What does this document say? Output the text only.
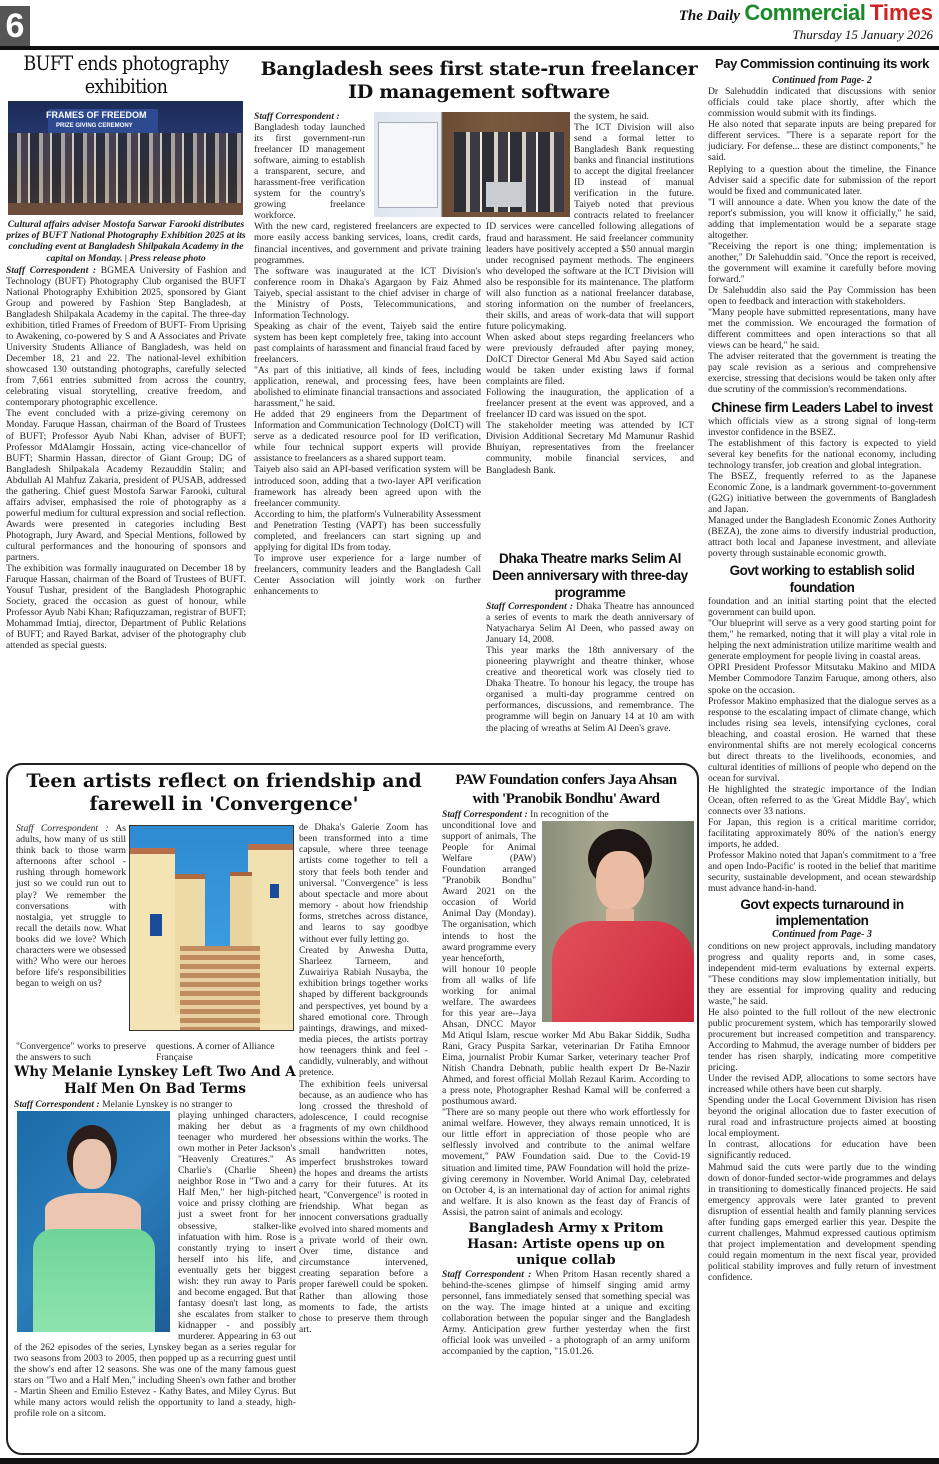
6	The Daily Commercial Times
Thursday 15 January 2026
BUFT ends photography exhibition
FRAMES OF FREEDOM
PRIZE GIVING CEREMONY
Cultural affairs adviser Mostofa Sarwar Farooki distributes prizes of BUFT National Photography Exhibition 2025 at its concluding event at Bangladesh Shilpakala Academy in the capital on Monday. | Press release photo

Staff Correspondent : BGMEA University of Fashion and Technology (BUFT) Photography Club organised the BUFT National Photography Exhibition 2025, sponsored by Giant Group and powered by Fashion Step Bangladesh, at Bangladesh Shilpakala Academy in the capital. The three-day exhibition, titled Frames of Freedom of BUFT- From Uprising to Awakening, co-powered by S and A Associates and Private University Students Alliance of Bangladesh, was held on December 18, 21 and 22. The national-level exhibition showcased 130 outstanding photographs, carefully selected from 7,661 entries submitted from across the country, celebrating visual storytelling, creative freedom, and contemporary photographic excellence.

The event concluded with a prize-giving ceremony on Monday. Faruque Hassan, chairman of the Board of Trustees of BUFT; Professor Ayub Nabi Khan, adviser of BUFT; Professor MdAlamgir Hossain, acting vice-chancellor of BUFT; Sharmin Hassan, director of Giant Group; DG of Bangladesh Shilpakala Academy Rezauddin Stalin; and Abdullah Al Mahfuz Zakaria, president of PUSAB, addressed the gathering. Chief guest Mostofa Sarwar Farooki, cultural affairs adviser, emphasised the role of photography as a powerful medium for cultural expression and social reflection.

Awards were presented in categories including Best Photograph, Jury Award, and Special Mentions, followed by cultural performances and the honouring of sponsors and partners.

The exhibition was formally inaugurated on December 18 by Faruque Hassan, chairman of the Board of Trustees of BUFT. Yousuf Tushar, president of the Bangladesh Photographic Society, graced the occasion as guest of honour, while Professor Ayub Nabi Khan; Rafiquzzaman, registrar of BUFT; Mohammad Imtiaj, director, Department of Public Relations of BUFT; and Rayed Barkat, adviser of the photography club attended as special guests.

Bangladesh sees first state-run freelancer ID management software

Staff Correspondent :

Bangladesh today launched its first government-run freelancer ID management software, aiming to establish a transparent, secure, and harassment-free verification system for the country's growing freelance workforce.

With the new card, registered freelancers are expected to more easily access banking services, loans, credit cards, financial incentives, and government and private training programmes.

The software was inaugurated at the ICT Division's conference room in Dhaka's Agargaon by Faiz Ahmed Taiyeb, special assistant to the chief adviser in charge of the Ministry of Posts, Telecommunications, and Information Technology.

Speaking as chair of the event, Taiyeb said the entire system has been kept completely free, taking into account past complaints of harassment and financial fraud faced by freelancers.

"As part of this initiative, all kinds of fees, including application, renewal, and processing fees, have been abolished to eliminate financial transactions and associated harassment," he said.

He added that 29 engineers from the Department of Information and Communication Technology (DoICT) will serve as a dedicated resource pool for ID verification, while four technical support experts will provide assistance to freelancers as a shared support team.

Taiyeb also said an API-based verification system will be introduced soon, adding that a two-layer API verification framework has already been agreed upon with the freelancer community.

According to him, the platform's Vulnerability Assessment and Penetration Testing (VAPT) has been successfully completed, and freelancers can start signing up and applying for digital IDs from today.

To improve user experience for a large number of freelancers, community leaders and the Bangladesh Call Center Association will jointly work on further enhancements to

the system, he said.

The ICT Division will also send a formal letter to Bangladesh Bank requesting banks and financial institutions to accept the digital freelancer ID instead of manual verification in the future. Taiyeb noted that previous contracts related to freelancer ID services were cancelled following allegations of fraud and harassment. He said freelancer community leaders have positively accepted a $50 annual margin under recognised payment methods. The engineers who developed the software at the ICT Division will also be responsible for its maintenance. The platform will also function as a national freelancer database, storing information on the number of freelancers, their skills, and areas of work-data that will support future policymaking.

When asked about steps regarding freelancers who were previously defrauded after paying money, DoICT Director General Md Abu Sayed said action would be taken under existing laws if formal complaints are filed.

Following the inauguration, the application of a freelancer present at the event was approved, and a freelancer ID card was issued on the spot.

The stakeholder meeting was attended by ICT Division Additional Secretary Md Mamunur Rashid Bhuiyan, representatives from the freelancer community, mobile financial services, and Bangladesh Bank.

Dhaka Theatre marks Selim Al Deen anniversary with three-day programme

Staff Correspondent : Dhaka Theatre has announced a series of events to mark the death anniversary of Natyacharya Selim Al Deen, who passed away on January 14, 2008.

This year marks the 18th anniversary of the pioneering playwright and theatre thinker, whose creative and theoretical work was closely tied to Dhaka Theatre. To honour his legacy, the troupe has organised a multi-day programme centred on performances, discussions, and remembrance. The programme will begin on January 14 at 10 am with the placing of wreaths at Selim Al Deen's grave.

Pay Commission continuing its work
Continued from Page- 2

Dr Salehuddin indicated that discussions with senior officials could take place shortly, after which the commission would submit with its findings.

He also noted that separate inputs are being prepared for different services. "There is a separate report for the judiciary. For defense... these are distinct components," he said.

Replying to a question about the timeline, the Finance Adviser said a specific date for submission of the report would be fixed and communicated later.

"I will announce a date. When you know the date of the report's submission, you will know it officially," he said, adding that implementation would be a separate stage altogether.

"Receiving the report is one thing; implementation is another," Dr Salehuddin said. "Once the report is received, the government will examine it carefully before moving forward."

Dr Salehuddin also said the Pay Commission has been open to feedback and interaction with stakeholders.

"Many people have submitted representations, many have met the commission. We encouraged the formation of different committees and open interactions so that all views can be heard," he said.

The adviser reiterated that the government is treating the pay scale revision as a serious and comprehensive exercise, stressing that decisions would be taken only after due scrutiny of the commission's recommendations.

Chinese firm Leaders Label to invest

which officials view as a strong signal of long-term investor confidence in the BSEZ.

The establishment of this factory is expected to yield several key benefits for the national economy, including technology transfer, job creation and global integration.

The BSEZ, frequently referred to as the Japanese Economic Zone, is a landmark government-to-government (G2G) initiative between the governments of Bangladesh and Japan.

Managed under the Bangladesh Economic Zones Authority (BEZA), the zone aims to diversify industrial production, attract both local and Japanese investment, and alleviate poverty through sustainable economic growth.

Govt working to establish solid foundation

foundation and an initial starting point that the elected government can build upon.

"Our blueprint will serve as a very good starting point for them," he remarked, noting that it will play a vital role in helping the next administration utilize maritime wealth and generate employment for people living in coastal areas.

OPRI President Professor Mitsutaku Makino and MIDA Member Commodore Tanzim Faruque, among others, also spoke on the occasion.

Professor Makino emphasized that the dialogue serves as a response to the escalating impact of climate change, which includes rising sea levels, intensifying cyclones, coral bleaching, and coastal erosion. He warned that these environmental shifts are not merely ecological concerns but direct threats to the livelihoods, economies, and cultural identities of millions of people who depend on the ocean for survival.

He highlighted the strategic importance of the Indian Ocean, often referred to as the 'Great Middle Bay', which connects over 33 nations.

For Japan, this region is a critical maritime corridor, facilitating approximately 80% of the nation's energy imports, he added.

Professor Makino noted that Japan's commitment to a 'free and open Indo-Pacific' is rooted in the belief that maritime security, sustainable development, and ocean stewardship must advance hand-in-hand.

Govt expects turnaround in implementation
Continued from Page- 3

conditions on new project approvals, including mandatory progress and quality reports and, in some cases, independent mid-term evaluations by external experts. "These conditions may slow implementation initially, but they are essential for improving quality and reducing waste," he said.

He also pointed to the full rollout of the new electronic public procurement system, which has temporarily slowed procurement but increased competition and transparency. According to Mahmud, the average number of bidders per tender has risen sharply, indicating more competitive pricing.

Under the revised ADP, allocations to some sectors have increased while others have been cut sharply.

Spending under the Local Government Division has risen beyond the original allocation due to faster execution of rural road and infrastructure projects aimed at boosting local employment.

In contrast, allocations for education have been significantly reduced.

Mahmud said the cuts were partly due to the winding down of donor-funded sector-wide programmes and delays in transitioning to domestically financed projects. He said emergency approvals were later granted to prevent disruption of essential health and family planning services after funding gaps emerged earlier this year. Despite the current challenges, Mahmud expressed cautious optimism that project implementation and development spending could regain momentum in the next fiscal year, provided political stability improves and fully return of investment confidence.

Teen artists reflect on friendship and farewell in 'Convergence'

Staff Correspondent : As adults, how many of us still think back to those warm afternoons after school - rushing through homework just so we could run out to play? We remember the conversations with nostalgia, yet struggle to recall the details now. What books did we love? Which characters were we obsessed with? Who were our heroes before life's responsibilities began to weigh on us?

"Convergence" works to preserve the answers to such
questions. A corner of Alliance Française

de Dhaka's Galerie Zoom has been transformed into a time capsule, where three teenage artists come together to tell a story that feels both tender and universal. "Convergence" is less about spectacle and more about memory - about how friendship forms, stretches across distance, and learns to say goodbye without ever fully letting go.

Created by Anwesha Dutta, Sharleez Tarneem, and Zuwairiya Rabiah Nusayba, the exhibition brings together works shaped by different backgrounds and perspectives, yet bound by a shared emotional core. Through paintings, drawings, and mixed-media pieces, the artists portray how teenagers think and feel - candidly, vulnerably, and without pretence.

The exhibition feels universal because, as an audience who has long crossed the threshold of adolescence, I could recognise fragments of my own childhood obsessions within the works. The small handwritten notes, imperfect brushstrokes toward the hopes and dreams the artists carry for their futures. At its heart, "Convergence" is rooted in friendship. What began as innocent conversations gradually evolved into shared moments and a private world of their own. Over time, distance and circumstance intervened, creating separation before a proper farewell could be spoken. Rather than allowing those moments to fade, the artists chose to preserve them through art.

Why Melanie Lynskey Left Two And A Half Men On Bad Terms

Staff Correspondent : Melanie Lynskey is no stranger to

playing unhinged characters, making her debut as a teenager who murdered her own mother in Peter Jackson's "Heavenly Creatures." As Charlie's (Charlie Sheen) neighbor Rose in "Two and a Half Men," her high-pitched voice and prissy clothing are just a sweet front for her obsessive, stalker-like infatuation with him. Rose is constantly trying to insert herself into his life, and eventually gets her biggest wish: they run away to Paris and become engaged. But that fantasy doesn't last long, as she escalates from stalker to kidnapper - and possibly murderer. Appearing in 63 out of the 262 episodes of the series, Lynskey began as a series regular for two seasons from 2003 to 2005, then popped up as a recurring guest until the show's end after 12 seasons. She was one of the many famous guest stars on "Two and a Half Men," including Sheen's own father and brother - Martin Sheen and Emilio Estevez - Kathy Bates, and Miley Cyrus. But while many actors would relish the opportunity to land a steady, high-profile role on a sitcom.

PAW Foundation confers Jaya Ahsan with 'Pranobik Bondhu' Award

Staff Correspondent : In recognition of the

unconditional love and support of animals, The People for Animal Welfare (PAW) Foundation arranged "Pranobik Bondhu" Award 2021 on the occasion of World Animal Day (Monday). The organisation, which intends to host the award programme every year henceforth,

will honour 10 people from all walks of life working for animal welfare. The awardees for this year are--Jaya Ahsan, DNCC Mayor Md Atiqul Islam, rescue worker Md Abu Bakar Siddik, Sudha Rani, Gracy Puspita Sarkar, veterinarian Dr Fatiha Emnoor Eima, journalist Probir Kumar Sarker, veterinary teacher Prof Nitish Chandra Debnath, public health expert Dr Be-Nazir Ahmed, and forest official Mollah Rezaul Karim. According to a press note, Photographer Reshad Kamal will be conferred a posthumous award.

"There are so many people out there who work effortlessly for animal welfare. However, they always remain unnoticed, It is our little effort in appreciation of those people who are selflessly involved and contribute to the animal welfare movement," PAW Foundation said. Due to the Covid-19 situation and limited time, PAW Foundation will hold the prize-giving ceremony in November. World Animal Day, celebrated on October 4, is an international day of action for animal rights and welfare. It is also known as the feast day of Francis of Assisi, the patron saint of animals and ecology.

Bangladesh Army x Pritom Hasan: Artiste opens up on unique collab

Staff Correspondent : When Pritom Hasan recently shared a behind-the-scenes glimpse of himself singing amid army personnel, fans immediately sensed that something special was on the way. The image hinted at a unique and exciting collaboration between the popular singer and the Bangladesh Army. Anticipation grew further yesterday when the first official look was unveiled - a photograph of an army uniform accompanied by the caption, "15.01.26.
